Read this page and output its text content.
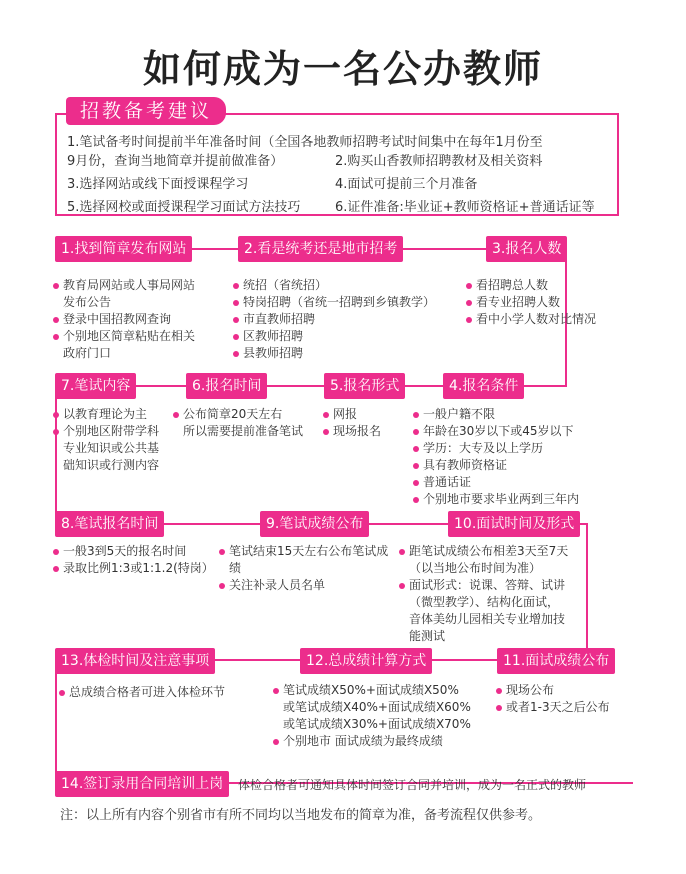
如何成为一名公办教师
招教备考建议
1.笔试备考时间提前半年准备时间（全国各地教师招聘考试时间集中在每年1月份至
9月份，查询当地简章并提前做准备）	2.购买山香教师招聘教材及相关资料
3.选择网站或线下面授课程学习	4.面试可提前三个月准备
5.选择网校或面授课程学习面试方法技巧	6.证件准备:毕业证+教师资格证+普通话证等
1.找到简章发布网站	2.看是统考还是地市招考	3.报名人数
教育局网站或人事局网站发布公告
登录中国招教网查询
个别地区简章粘贴在相关政府门口
统招（省统招）
特岗招聘（省统一招聘到乡镇教学）
市直教师招聘
区教师招聘
县教师招聘
看招聘总人数
看专业招聘人数
看中小学人数对比情况
7.笔试内容	6.报名时间	5.报名形式	4.报名条件
以教育理论为主
个别地区附带学科专业知识或公共基础知识或行测内容
公布简章20天左右
所以需要提前准备笔试
网报
现场报名
一般户籍不限
年龄在30岁以下或45岁以下
学历：大专及以上学历
具有教师资格证
普通话证
个别地市要求毕业两到三年内
8.笔试报名时间	9.笔试成绩公布	10.面试时间及形式
一般3到5天的报名时间
录取比例1:3或1:1.2(特岗）
笔试结束15天左右公布笔试成绩
关注补录人员名单
距笔试成绩公布相差3天至7天
（以当地公布时间为准）
面试形式：说课、答辩、试讲
（微型教学）、结构化面试，
音体美幼儿园相关专业增加技
能测试
13.体检时间及注意事项	12.总成绩计算方式	11.面试成绩公布
总成绩合格者可进入体检环节	笔试成绩X50%+面试成绩X50%
或笔试成绩X40%+面试成绩X60%
或笔试成绩X30%+面试成绩X70%
个别地市 面试成绩为最终成绩
现场公布
或者1-3天之后公布
14.签订录用合同培训上岗	体检合格者可通知具体时间签订合同并培训，成为一名正式的教师
注：以上所有内容个别省市有所不同均以当地发布的简章为准，备考流程仅供参考。
